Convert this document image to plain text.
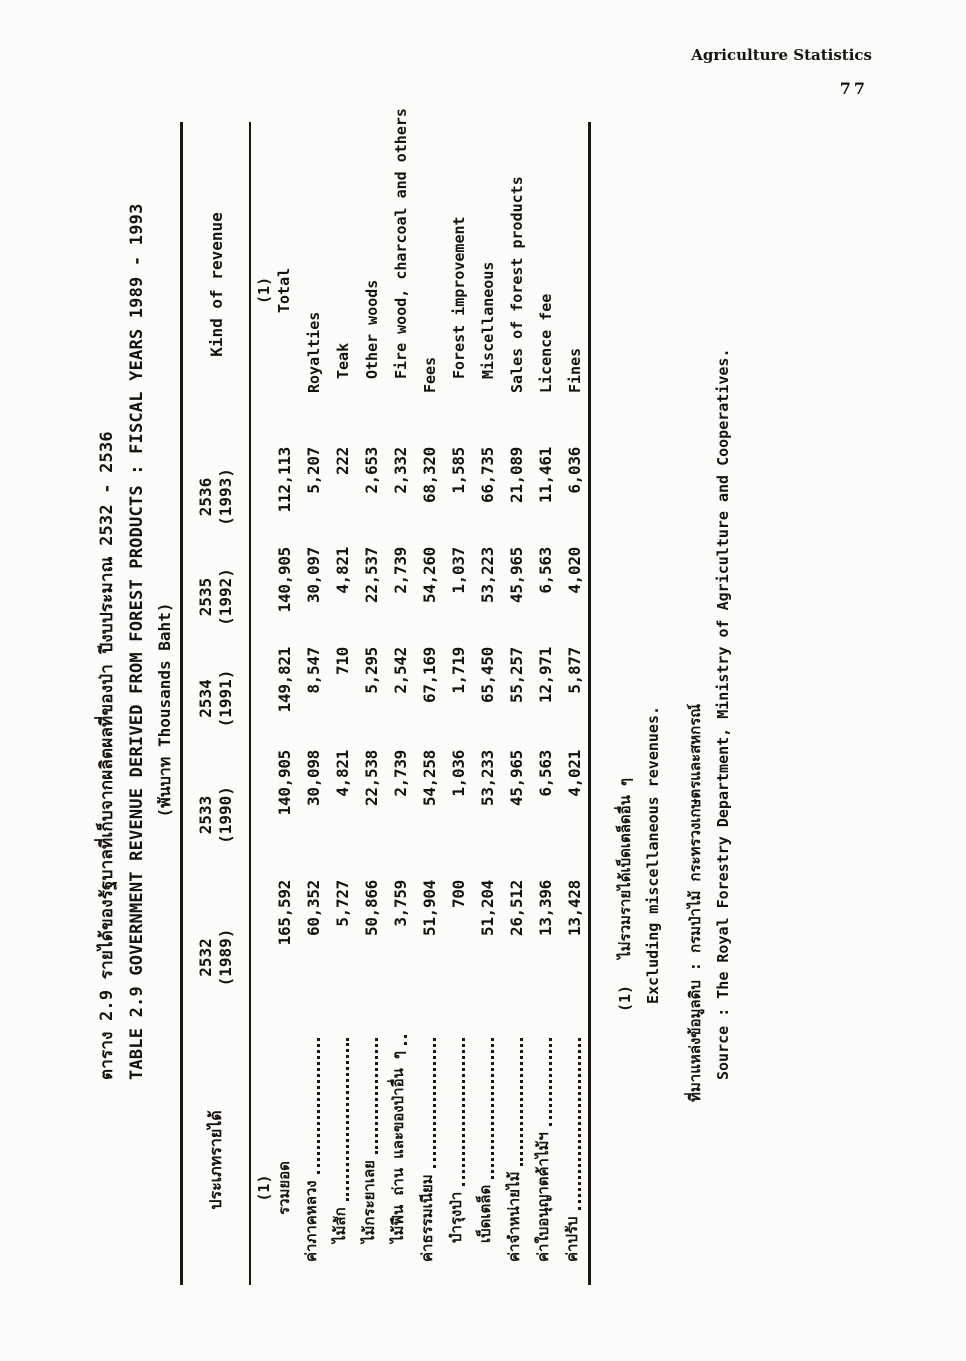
Agriculture Statistics
77
ตาราง 2.9 รายได้ของรัฐบาลที่เก็บจากผลิตผลที่ของป่า ปีงบประมาณ 2532 - 2536 TABLE 2.9 GOVERNMENT REVENUE DERIVED FROM FOREST PRODUCTS : FISCAL YEARS 1989 - 1993 (พันบาท Thousands Baht)
ประเภทรายได้
2532 (1989)
2533 (1990)
2534 (1991)
2535 (1992)
2536 (1993)
Kind of revenue
(1) รวมยอด
165,592
140,905
149,821
140,905
112,113
(1) Total
ค่าภาคหลวง
60,352
30,098
8,547
30,097
5,207
Royalties
ไม้สัก
5,727
4,821
710
4,821
222
Teak
ไม้กระยาเลย
50,866
22,538
5,295
22,537
2,653
Other woods
ไม้ฟืน ถ่าน และของป่าอื่น ๆ
3,759
2,739
2,542
2,739
2,332
Fire wood, charcoal and others
ค่าธรรมเนียม
51,904
54,258
67,169
54,260
68,320
Fees
บำรุงป่า
700
1,036
1,719
1,037
1,585
Forest improvement
เบ็ดเตล็ด
51,204
53,233
65,450
53,223
66,735
Miscellaneous
ค่าจำหน่ายไม้
26,512
45,965
55,257
45,965
21,089
Sales of forest products
ค่าใบอนุญาตค้าไม้ฯ
13,396
6,563
12,971
6,563
11,461
Licence fee
ค่าปรับ
13,428
4,021
5,877
4,020
6,036
Fines
(1)ไม่รวมรายได้เบ็ดเตล็ดอื่น ๆ Excluding miscellaneous revenues.	ที่มาแหล่งข้อมูลดิบ : กรมป่าไม้ กระทรวงเกษตรและสหกรณ์ Source : The Royal Forestry Department, Ministry of Agriculture and Cooperatives.
